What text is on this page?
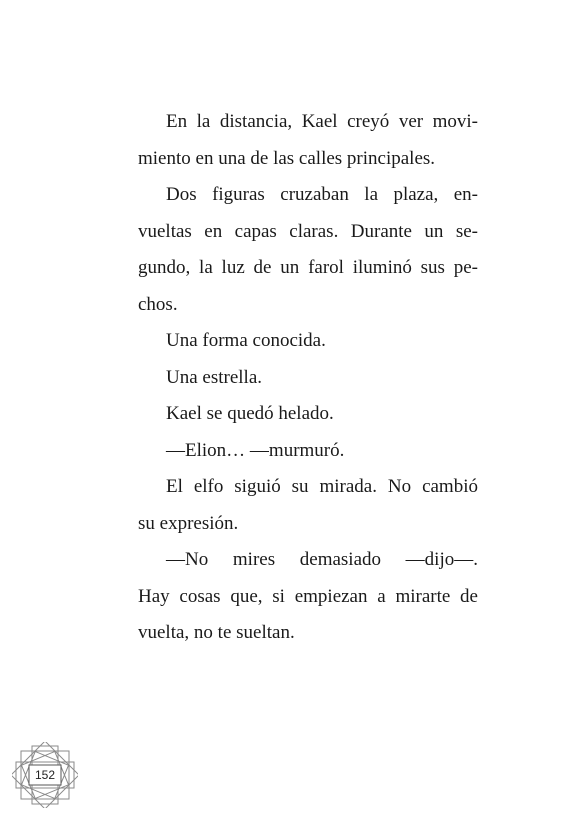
En la distancia, Kael creyó ver movi-
miento en una de las calles principales.

Dos figuras cruzaban la plaza, en-
vueltas en capas claras. Durante un se-
gundo, la luz de un farol iluminó sus pe-
chos.

Una forma conocida.

Una estrella.

Kael se quedó helado.

—Elion… —murmuró.

El elfo siguió su mirada. No cambió
su expresión.

—No mires demasiado —dijo—.
Hay cosas que, si empiezan a mirarte de
vuelta, no te sueltan.

152
